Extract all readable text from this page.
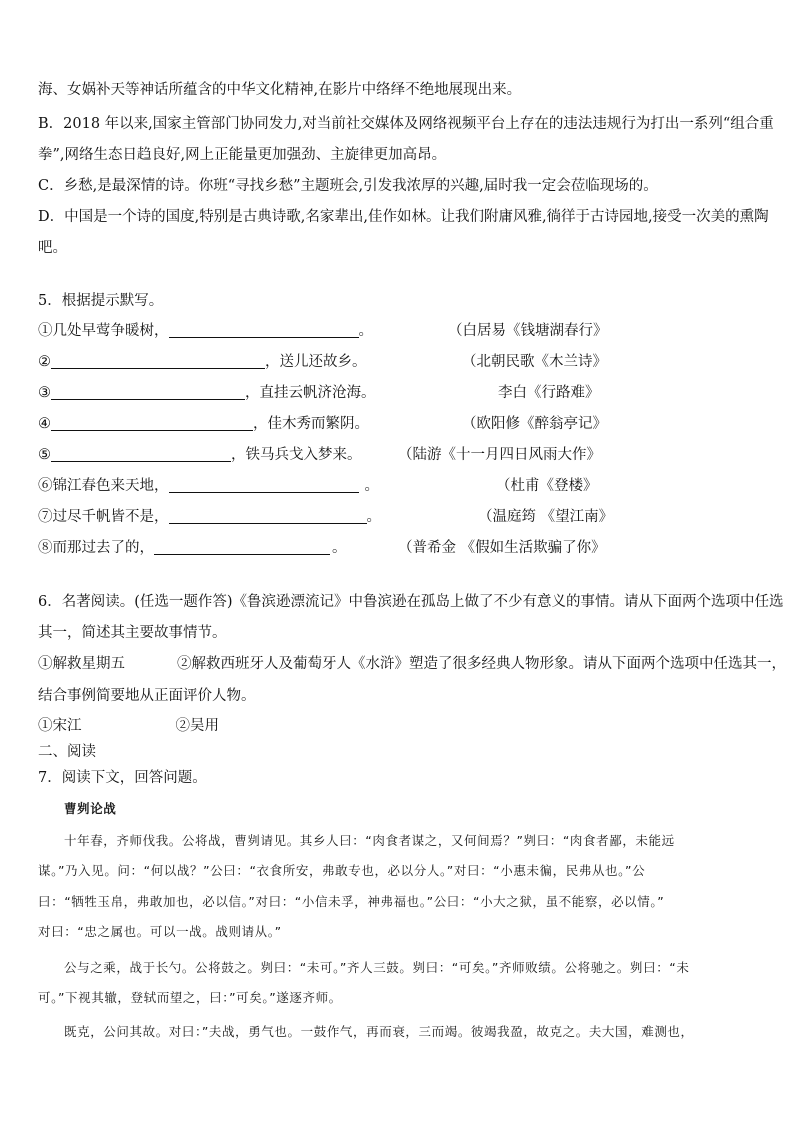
海、女娲补天等神话所蕴含的中华文化精神,在影片中络绎不绝地展现出来。
B．2018 年以来,国家主管部门协同发力,对当前社交媒体及网络视频平台上存在的违法违规行为打出一系列“组合重
拳”,网络生态日趋良好,网上正能量更加强劲、主旋律更加高昂。
C．乡愁,是最深情的诗。你班“寻找乡愁”主题班会,引发我浓厚的兴趣,届时我一定会莅临现场的。
D．中国是一个诗的国度,特别是古典诗歌,名家辈出,佳作如林。让我们附庸风雅,徜徉于古诗园地,接受一次美的熏陶
吧。
5．根据提示默写。
①几处早莺争暖树，	。	（白居易《钱塘湖春行》
②	，送儿还故乡。	（北朝民歌《木兰诗》
③	，直挂云帆济沧海。	李白《行路难》
④	，佳木秀而繁阴。	（欧阳修《醉翁亭记》
⑤	，铁马兵戈入梦来。	（陆游《十一月四日风雨大作》
⑥锦江春色来天地，	。	（杜甫《登楼》
⑦过尽千帆皆不是，	。	（温庭筠 《望江南》
⑧而那过去了的，	。	（普希金 《假如生活欺骗了你》
6．名著阅读。(任选一题作答)《鲁滨逊漂流记》中鲁滨逊在孤岛上做了不少有意义的事情。请从下面两个选项中任选
其一，简述其主要故事情节。
①解救星期五	②解救西班牙人及葡萄牙人《水浒》塑造了很多经典人物形象。请从下面两个选项中任选其一，
结合事例简要地从正面评价人物。
①宋江	②吴用
二、阅读
7．阅读下文，回答问题。
曹刿论战
十年春，齐师伐我。公将战，曹刿请见。其乡人曰：“肉食者谋之，又何间焉？”刿曰：“肉食者鄙，未能远
谋。”乃入见。问：“何以战？”公曰：“衣食所安，弗敢专也，必以分人。”对曰：“小惠未徧，民弗从也。”公
曰：“牺牲玉帛，弗敢加也，必以信。”对曰：“小信未孚，神弗福也。”公曰：“小大之狱，虽不能察，必以情。”
对曰：“忠之属也。可以一战。战则请从。”
公与之乘，战于长勺。公将鼓之。刿曰：“未可。”齐人三鼓。刿曰：“可矣。”齐师败绩。公将驰之。刿曰：“未
可。”下视其辙，登轼而望之，曰：”可矣。”遂逐齐师。
既克，公问其故。对曰：”夫战，勇气也。一鼓作气，再而衰，三而竭。彼竭我盈，故克之。夫大国，难测也，
